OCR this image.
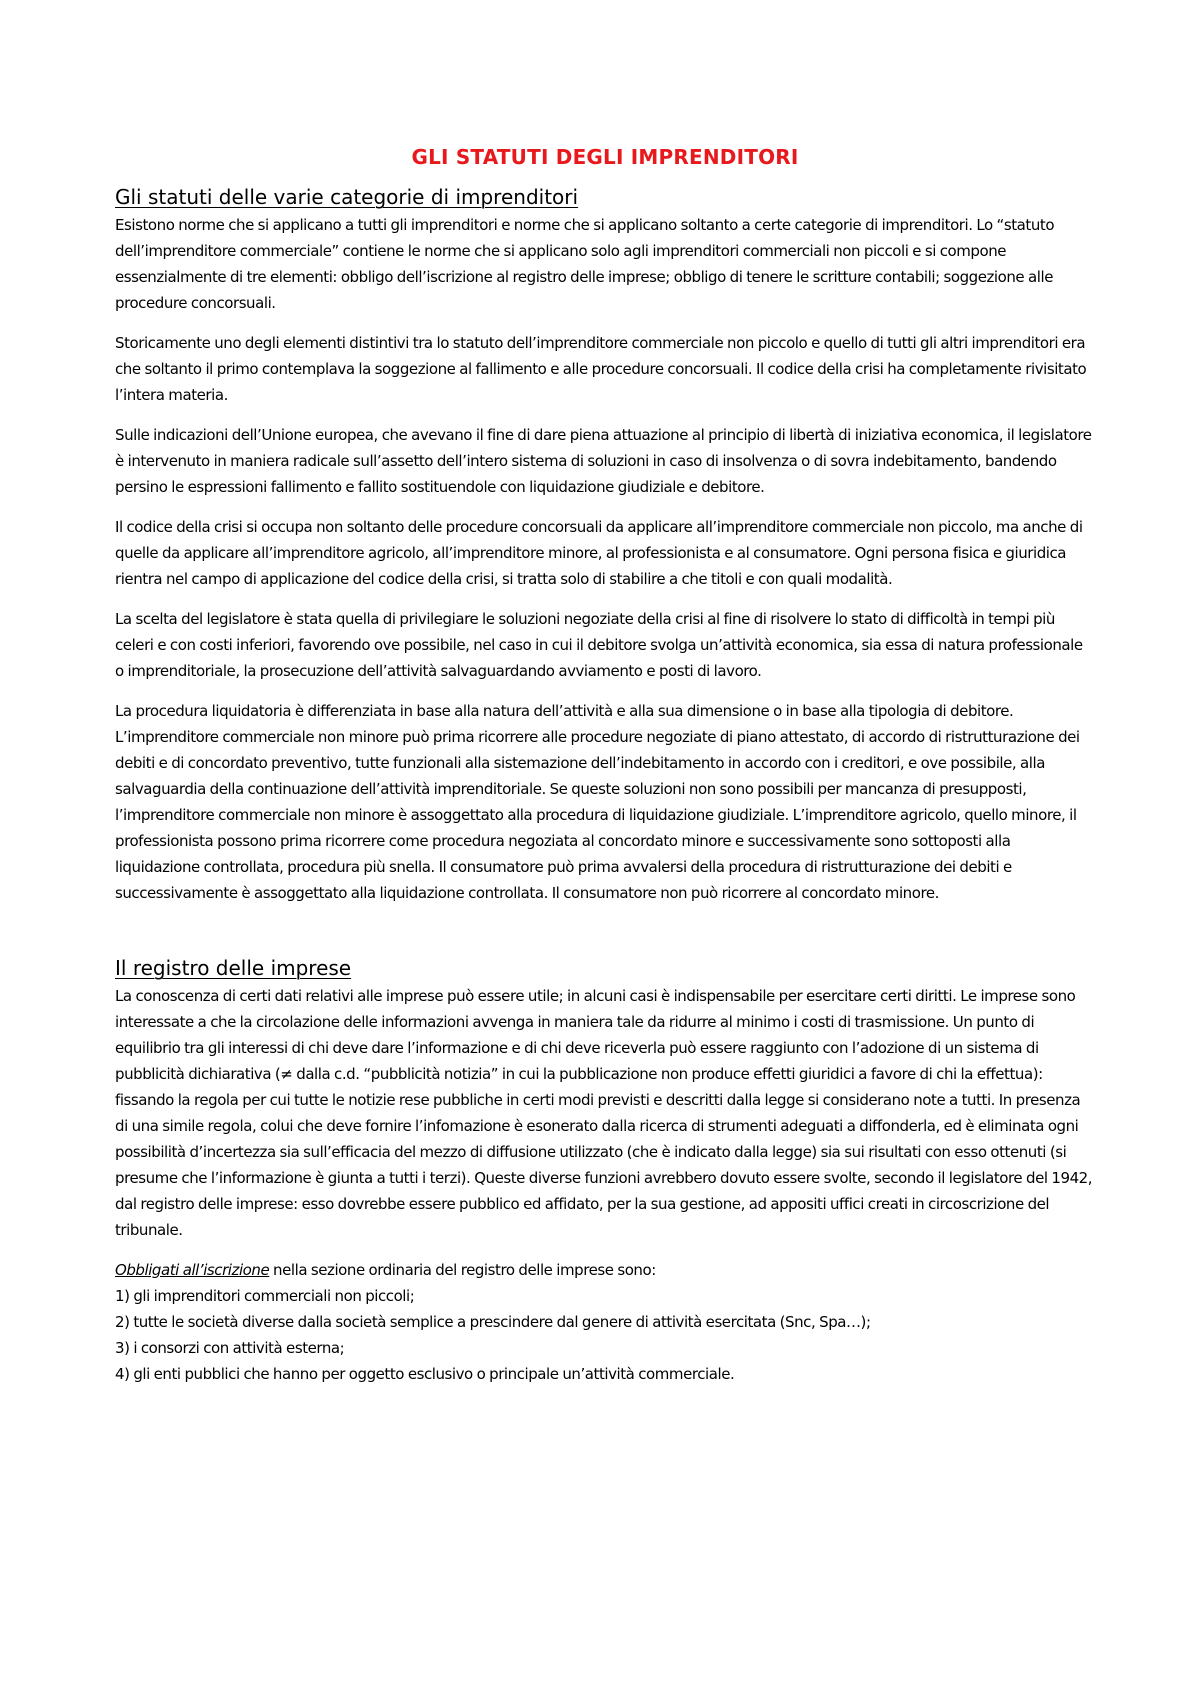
GLI STATUTI DEGLI IMPRENDITORI
Gli statuti delle varie categorie di imprenditori

Esistono norme che si applicano a tutti gli imprenditori e norme che si applicano soltanto a certe categorie di imprenditori. Lo “statuto dell’imprenditore commerciale” contiene le norme che si applicano solo agli imprenditori commerciali non piccoli e si compone essenzialmente di tre elementi: obbligo dell’iscrizione al registro delle imprese; obbligo di tenere le scritture contabili; soggezione alle procedure concorsuali.

Storicamente uno degli elementi distintivi tra lo statuto dell’imprenditore commerciale non piccolo e quello di tutti gli altri imprenditori era che soltanto il primo contemplava la soggezione al fallimento e alle procedure concorsuali. Il codice della crisi ha completamente rivisitato l’intera materia.

Sulle indicazioni dell’Unione europea, che avevano il fine di dare piena attuazione al principio di libertà di iniziativa economica, il legislatore è intervenuto in maniera radicale sull’assetto dell’intero sistema di soluzioni in caso di insolvenza o di sovra indebitamento, bandendo persino le espressioni fallimento e fallito sostituendole con liquidazione giudiziale e debitore.

Il codice della crisi si occupa non soltanto delle procedure concorsuali da applicare all’imprenditore commerciale non piccolo, ma anche di quelle da applicare all’imprenditore agricolo, all’imprenditore minore, al professionista e al consumatore. Ogni persona fisica e giuridica rientra nel campo di applicazione del codice della crisi, si tratta solo di stabilire a che titoli e con quali modalità.

La scelta del legislatore è stata quella di privilegiare le soluzioni negoziate della crisi al fine di risolvere lo stato di difficoltà in tempi più celeri e con costi inferiori, favorendo ove possibile, nel caso in cui il debitore svolga un’attività economica, sia essa di natura professionale o imprenditoriale, la prosecuzione dell’attività salvaguardando avviamento e posti di lavoro.

La procedura liquidatoria è differenziata in base alla natura dell’attività e alla sua dimensione o in base alla tipologia di debitore. L’imprenditore commerciale non minore può prima ricorrere alle procedure negoziate di piano attestato, di accordo di ristrutturazione dei debiti e di concordato preventivo, tutte funzionali alla sistemazione dell’indebitamento in accordo con i creditori, e ove possibile, alla salvaguardia della continuazione dell’attività imprenditoriale. Se queste soluzioni non sono possibili per mancanza di presupposti, l’imprenditore commerciale non minore è assoggettato alla procedura di liquidazione giudiziale. L’imprenditore agricolo, quello minore, il professionista possono prima ricorrere come procedura negoziata al concordato minore e successivamente sono sottoposti alla liquidazione controllata, procedura più snella. Il consumatore può prima avvalersi della procedura di ristrutturazione dei debiti e successivamente è assoggettato alla liquidazione controllata. Il consumatore non può ricorrere al concordato minore.

Il registro delle imprese

La conoscenza di certi dati relativi alle imprese può essere utile; in alcuni casi è indispensabile per esercitare certi diritti. Le imprese sono interessate a che la circolazione delle informazioni avvenga in maniera tale da ridurre al minimo i costi di trasmissione. Un punto di equilibrio tra gli interessi di chi deve dare l’informazione e di chi deve riceverla può essere raggiunto con l’adozione di un sistema di pubblicità dichiarativa (≠ dalla c.d. “pubblicità notizia” in cui la pubblicazione non produce effetti giuridici a favore di chi la effettua): fissando la regola per cui tutte le notizie rese pubbliche in certi modi previsti e descritti dalla legge si considerano note a tutti. In presenza di una simile regola, colui che deve fornire l’infomazione è esonerato dalla ricerca di strumenti adeguati a diffonderla, ed è eliminata ogni possibilità d’incertezza sia sull’efficacia del mezzo di diffusione utilizzato (che è indicato dalla legge) sia sui risultati con esso ottenuti (si presume che l’informazione è giunta a tutti i terzi). Queste diverse funzioni avrebbero dovuto essere svolte, secondo il legislatore del 1942, dal registro delle imprese: esso dovrebbe essere pubblico ed affidato, per la sua gestione, ad appositi uffici creati in circoscrizione del tribunale.

Obbligati all’iscrizione nella sezione ordinaria del registro delle imprese sono:

1) gli imprenditori commerciali non piccoli;
2) tutte le società diverse dalla società semplice a prescindere dal genere di attività esercitata (Snc, Spa…);
3) i consorzi con attività esterna;
4) gli enti pubblici che hanno per oggetto esclusivo o principale un’attività commerciale.
